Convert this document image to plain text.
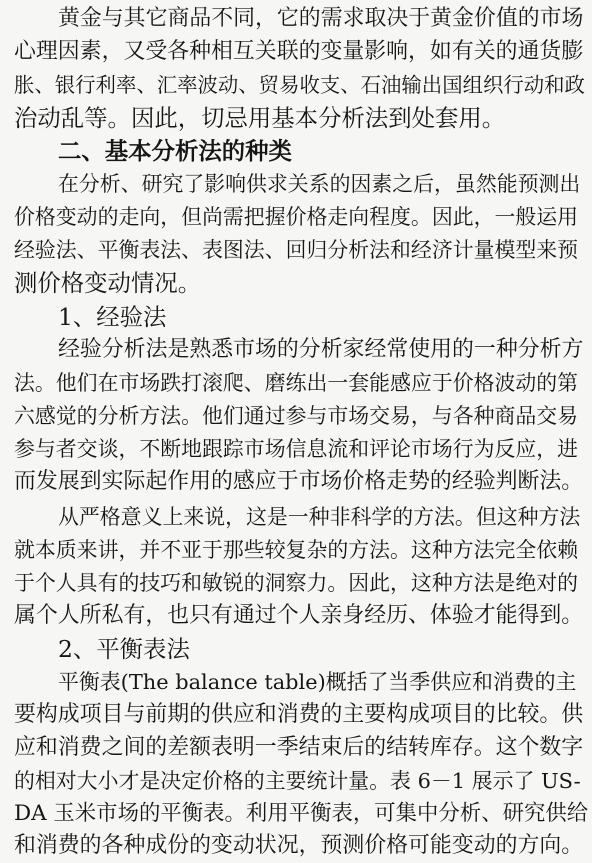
黄金与其它商品不同，它的需求取决于黄金价值的市场
心理因素，又受各种相互关联的变量影响，如有关的通货膨
胀、银行利率、汇率波动、贸易收支、石油输出国组织行动和政
治动乱等。因此，切忌用基本分析法到处套用。
二、基本分析法的种类
在分析、研究了影响供求关系的因素之后，虽然能预测出
价格变动的走向，但尚需把握价格走向程度。因此，一般运用
经验法、平衡表法、表图法、回归分析法和经济计量模型来预
测价格变动情况。
1、经验法
经验分析法是熟悉市场的分析家经常使用的一种分析方
法。他们在市场跌打滚爬、磨练出一套能感应于价格波动的第
六感觉的分析方法。他们通过参与市场交易，与各种商品交易
参与者交谈，不断地跟踪市场信息流和评论市场行为反应，进
而发展到实际起作用的感应于市场价格走势的经验判断法。
从严格意义上来说，这是一种非科学的方法。但这种方法
就本质来讲，并不亚于那些较复杂的方法。这种方法完全依赖
于个人具有的技巧和敏锐的洞察力。因此，这种方法是绝对的
属个人所私有，也只有通过个人亲身经历、体验才能得到。
2、平衡表法
平衡表(The balance table)概括了当季供应和消费的主
要构成项目与前期的供应和消费的主要构成项目的比较。供
应和消费之间的差额表明一季结束后的结转库存。这个数字
的相对大小才是决定价格的主要统计量。表 6－1 展示了 US-
DA 玉米市场的平衡表。利用平衡表，可集中分析、研究供给
和消费的各种成份的变动状况，预测价格可能变动的方向。
